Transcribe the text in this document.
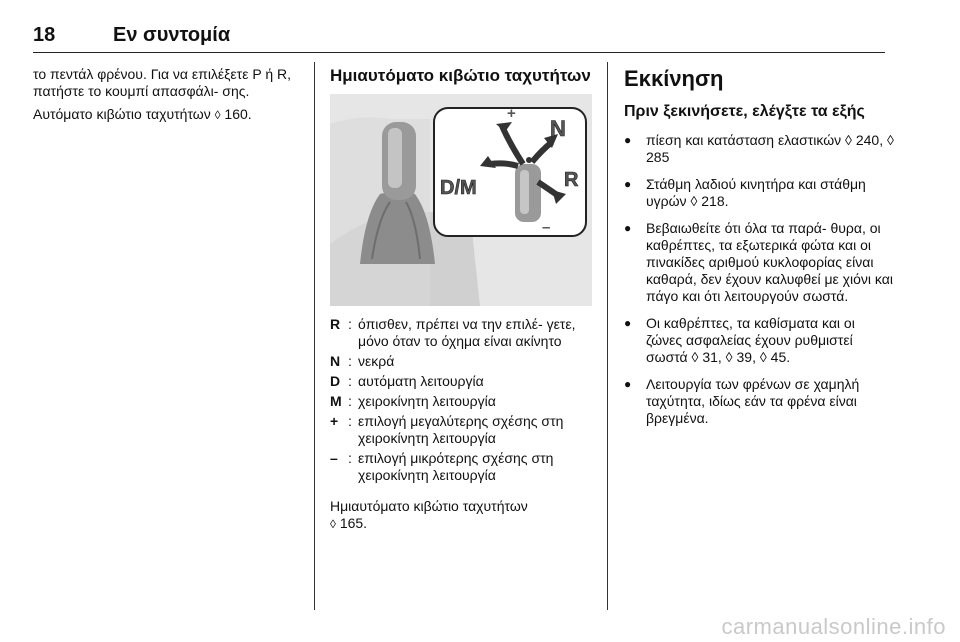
18	Εν συντομία

το πεντάλ φρένου. Για να επιλέξετε P ή R, πατήστε το κουμπί απασφάλι- σης.

Αυτόματο κιβώτιο ταχυτήτων ◊ 160.

Ημιαυτόματο κιβώτιο ταχυτήτων
+
–
D/M
N
R
R : όπισθεν, πρέπει να την επιλέ- γετε, μόνο όταν το όχημα είναι ακίνητο
N : νεκρά
D : αυτόματη λειτουργία
M : χειροκίνητη λειτουργία
+ : επιλογή μεγαλύτερης σχέσης στη χειροκίνητη λειτουργία
– : επιλογή μικρότερης σχέσης στη χειροκίνητη λειτουργία

Ημιαυτόματο κιβώτιο ταχυτήτων
◊ 165.

Εκκίνηση
Πριν ξεκινήσετε, ελέγξτε τα εξής
● πίεση και κατάσταση ελαστικών ◊ 240, ◊ 285
● Στάθμη λαδιού κινητήρα και στάθμη υγρών ◊ 218.
● Βεβαιωθείτε ότι όλα τα παρά- θυρα, οι καθρέπτες, τα εξωτερικά φώτα και οι πινακίδες αριθμού κυκλοφορίας είναι καθαρά, δεν έχουν καλυφθεί με χιόνι και πάγο και ότι λειτουργούν σωστά.
● Οι καθρέπτες, τα καθίσματα και οι ζώνες ασφαλείας έχουν ρυθμιστεί σωστά ◊ 31, ◊ 39, ◊ 45.
● Λειτουργία των φρένων σε χαμηλή ταχύτητα, ιδίως εάν τα φρένα είναι βρεγμένα.
carmanualsonline.info
